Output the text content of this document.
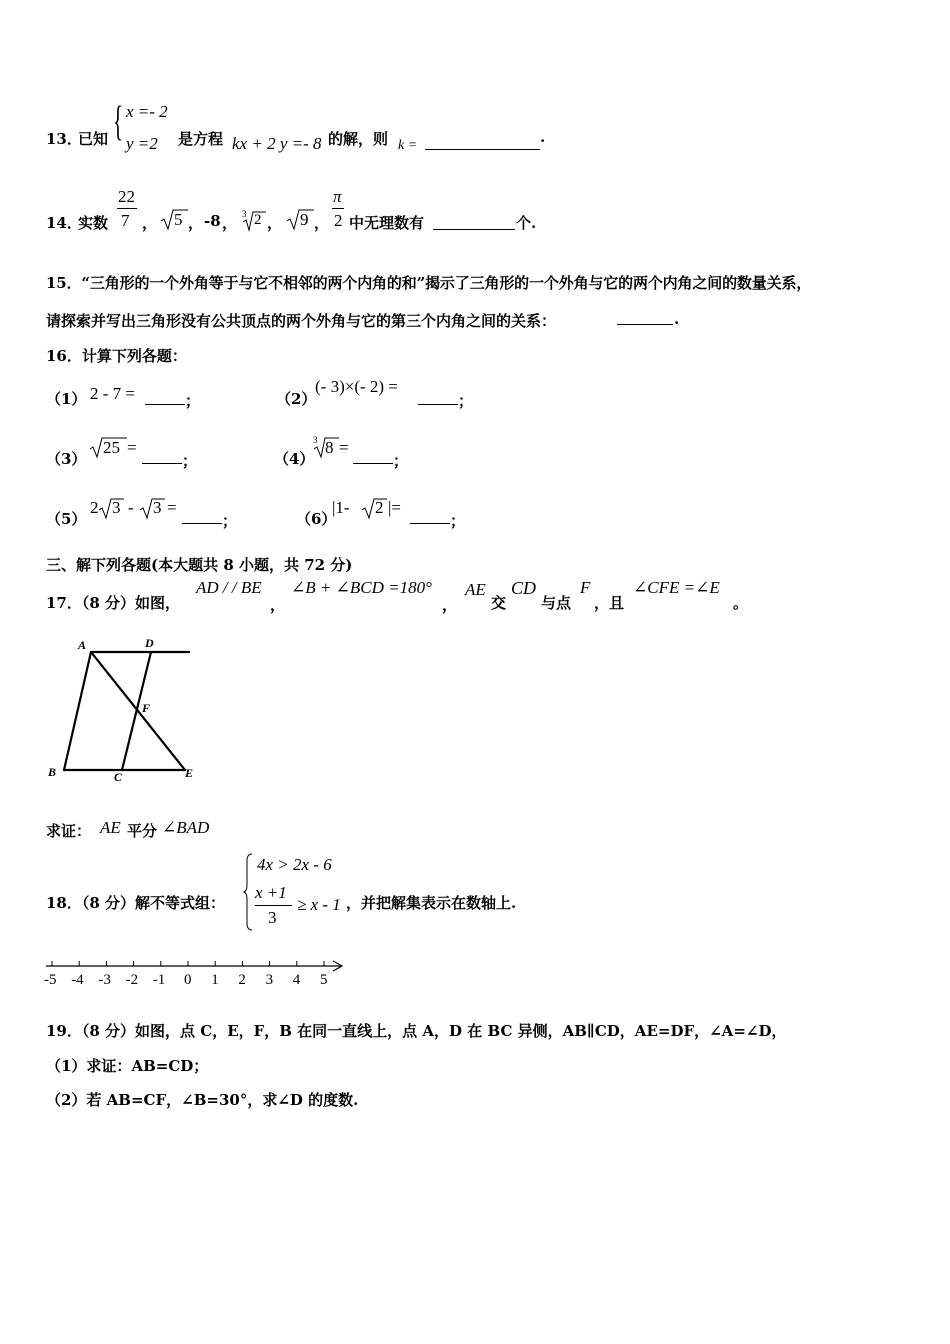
13．
已知 { x =- 2
y =2 是方程 kx + 2 y =- 8 的解，则 k =	.
14．
实数
22
7 ， 5 ， -8 ， 3 2 ， 9 ，
π
2 中无理数有	个.
15．“三角形的一个外角等于与它不相邻的两个内角的和”揭示了三角形的一个外角与它的两个内角之间的数量关系，
请探索并写出三角形没有公共顶点的两个外角与它的第三个内角之间的关系：	.
16．计算下列各题：
（1） 2 - 7 =	；	（2）
(- 3)×(- 2) =
；
（3）
25 =
；	（4）
3 8 =
；
（5）
2 3 - 3 =
；	（6）
|1- 2 |=
；
三、解下列各题(本大题共 8 小题，共 72 分)
17．（8 分）如图，
AD / / BE
，
∠B + ∠BCD =180°
，
AE
交
CD
与点
F
，且
∠CFE =∠E
。
A	D
F
B	C	E
求证： AE 平分 ∠BAD
18．（8 分）解不等式组：
4x > 2x - 6
x +1
3
≥ x - 1 ，并把解集表示在数轴上.
-5 -4 -3 -2 -1 0 1 2 3 4 5
19．（8 分）如图，点 C，E，F，B 在同一直线上，点 A，D 在 BC 异侧，AB∥CD，AE=DF，∠A=∠D，
（1）求证：AB=CD；
（2）若 AB=CF，∠B=30°，求∠D 的度数.
